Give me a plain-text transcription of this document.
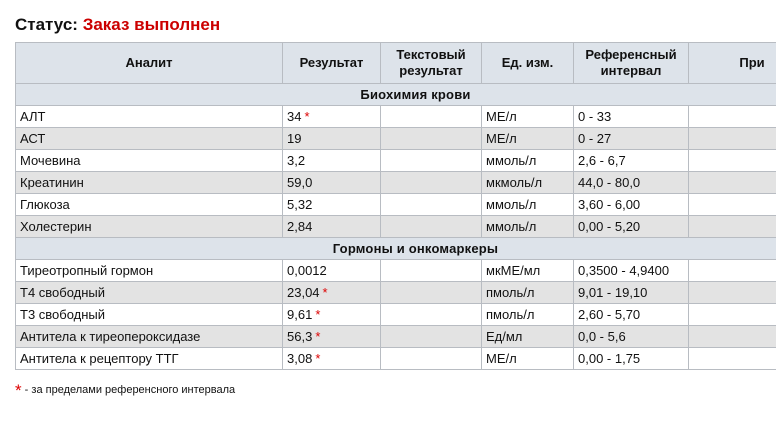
Статус: Заказ выполнен
Аналит	Результат	Текстовый результат	Ед. изм.	Референсный интервал	При
Биохимия крови					
АЛТ	34 *		МЕ/л	0 - 33	
АСТ	19		МЕ/л	0 - 27	
Мочевина	3,2		ммоль/л	2,6 - 6,7	
Креатинин	59,0		мкмоль/л	44,0 - 80,0	
Глюкоза	5,32		ммоль/л	3,60 - 6,00	
Холестерин	2,84		ммоль/л	0,00 - 5,20	
Гормоны и онкомаркеры					
Тиреотропный гормон	0,0012		мкМЕ/мл	0,3500 - 4,9400	
Т4 свободный	23,04 *		пмоль/л	9,01 - 19,10	
Т3 свободный	9,61 *		пмоль/л	2,60 - 5,70	
Антитела к тиреопероксидазе	56,3 *		Ед/мл	0,0 - 5,6	
Антитела к рецептору ТТГ	3,08 *		МЕ/л	0,00 - 1,75	
* - за пределами референсного интервала
